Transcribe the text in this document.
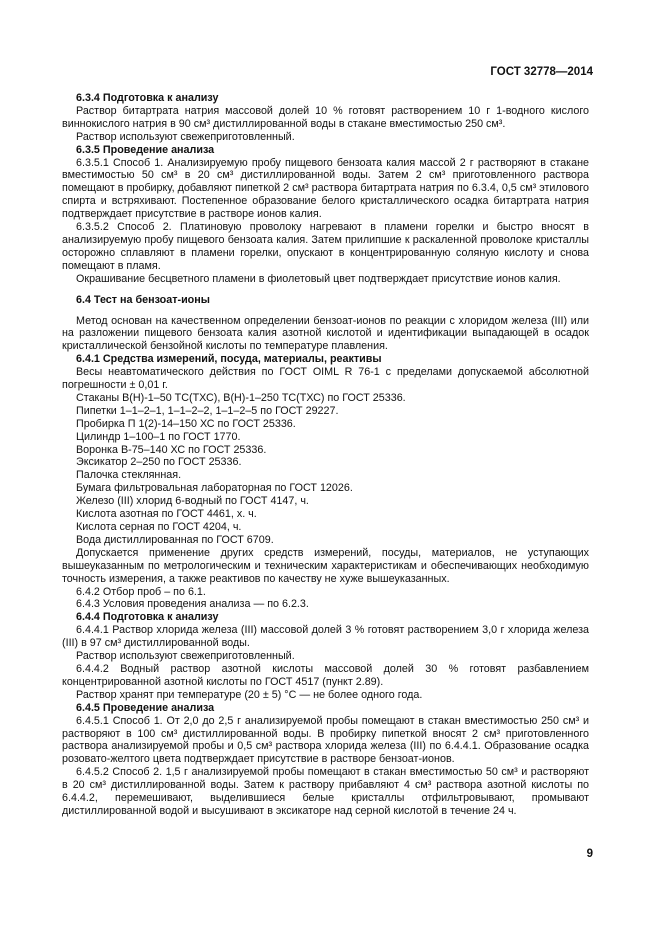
ГОСТ 32778—2014

6.3.4 Подготовка к анализу

Раствор битартрата натрия массовой долей 10 % готовят растворением 10 г 1-водного кислого виннокислого натрия в 90 см³ дистиллированной воды в стакане вместимостью 250 см³.

Раствор используют свежеприготовленный.

6.3.5 Проведение анализа

6.3.5.1 Способ 1. Анализируемую пробу пищевого бензоата калия массой 2 г растворяют в стакане вместимостью 50 см³ в 20 см³ дистиллированной воды. Затем 2 см³ приготовленного раствора помещают в пробирку, добавляют пипеткой 2 см³ раствора битартрата натрия по 6.3.4, 0,5 см³ этилового спирта и встряхивают. Постепенное образование белого кристаллического осадка битартрата натрия подтверждает присутствие в растворе ионов калия.

6.3.5.2 Способ 2. Платиновую проволоку нагревают в пламени горелки и быстро вносят в анализируемую пробу пищевого бензоата калия. Затем прилипшие к раскаленной проволоке кристаллы осторожно сплавляют в пламени горелки, опускают в концентрированную соляную кислоту и снова помещают в пламя.

Окрашивание бесцветного пламени в фиолетовый цвет подтверждает присутствие ионов калия.

6.4 Тест на бензоат-ионы

Метод основан на качественном определении бензоат-ионов по реакции с хлоридом железа (III) или на разложении пищевого бензоата калия азотной кислотой и идентификации выпадающей в осадок кристаллической бензойной кислоты по температуре плавления.

6.4.1 Средства измерений, посуда, материалы, реактивы

Весы неавтоматического действия по ГОСТ OIML R 76-1 с пределами допускаемой абсолютной погрешности ± 0,01 г.

Стаканы В(Н)-1–50 ТС(ТХС), В(Н)-1–250 ТС(ТХС) по ГОСТ 25336.

Пипетки 1–1–2–1, 1–1–2–2, 1–1–2–5 по ГОСТ 29227.

Пробирка П 1(2)-14–150 ХС по ГОСТ 25336.

Цилиндр 1–100–1 по ГОСТ 1770.

Воронка В-75–140 ХС по ГОСТ 25336.

Эксикатор 2–250 по ГОСТ 25336.

Палочка стеклянная.

Бумага фильтровальная лабораторная по ГОСТ 12026.

Железо (III) хлорид 6-водный по ГОСТ 4147, ч.

Кислота азотная по ГОСТ 4461, х. ч.

Кислота серная по ГОСТ 4204, ч.

Вода дистиллированная по ГОСТ 6709.

Допускается применение других средств измерений, посуды, материалов, не уступающих вышеуказанным по метрологическим и техническим характеристикам и обеспечивающих необходимую точность измерения, а также реактивов по качеству не хуже вышеуказанных.

6.4.2 Отбор проб – по 6.1.

6.4.3 Условия проведения анализа — по 6.2.3.

6.4.4 Подготовка к анализу

6.4.4.1 Раствор хлорида железа (III) массовой долей 3 % готовят растворением 3,0 г хлорида железа (III) в 97 см³ дистиллированной воды.

Раствор используют свежеприготовленный.

6.4.4.2 Водный раствор азотной кислоты массовой долей 30 % готовят разбавлением концентрированной азотной кислоты по ГОСТ 4517 (пункт 2.89).

Раствор хранят при температуре (20 ± 5) °С — не более одного года.

6.4.5 Проведение анализа

6.4.5.1 Способ 1. От 2,0 до 2,5 г анализируемой пробы помещают в стакан вместимостью 250 см³ и растворяют в 100 см³ дистиллированной воды. В пробирку пипеткой вносят 2 см³ приготовленного раствора анализируемой пробы и 0,5 см³ раствора хлорида железа (III) по 6.4.4.1. Образование осадка розовато-желтого цвета подтверждает присутствие в растворе бензоат-ионов.

6.4.5.2 Способ 2. 1,5 г анализируемой пробы помещают в стакан вместимостью 50 см³ и растворяют в 20 см³ дистиллированной воды. Затем к раствору прибавляют 4 см³ раствора азотной кислоты по 6.4.4.2, перемешивают, выделившиеся белые кристаллы отфильтровывают, промывают дистиллированной водой и высушивают в эксикаторе над серной кислотой в течение 24 ч.

9
